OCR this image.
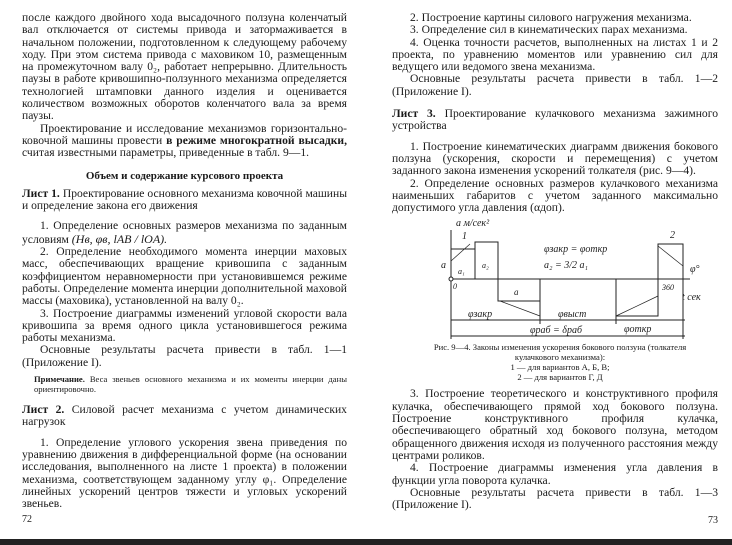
после каждого двойного хода высадочного ползуна коленчатый вал отключается от системы привода и затормаживается в начальном положении, подготовленном к следующему рабочему ходу. При этом система привода с маховиком 10, размещенным на промежуточном валу 0₂, работает непрерывно. Длительность паузы в работе кривошипно-ползунного механизма определяется технологией штамповки данного изделия и оценивается количеством возможных оборотов коленчатого вала за время паузы.

Проектирование и исследование механизмов горизонтально-ковочной машины провести в режиме многократной высадки, считая известными параметры, приведенные в табл. 9—1.

Объем и содержание курсового проекта

Лист 1. Проектирование основного механизма ковочной машины и определение закона его движения

1. Определение основных размеров механизма по заданным условиям (Hв, φв, lAB / lOA).

2. Определение необходимого момента инерции маховых масс, обеспечивающих вращение кривошипа с заданным коэффициентом неравномерности при установившемся режиме работы. Определение момента инерции дополнительной маховой массы (маховика), установленной на валу 0₂.

3. Построение диаграммы изменений угловой скорости вала кривошипа за время одного цикла установившегося режима работы механизма.

Основные результаты расчета привести в табл. 1—1 (Приложение I).

Примечание. Веса звеньев основного механизма и их моменты инерции даны ориентировочно.

Лист 2. Силовой расчет механизма с учетом динамических нагрузок

1. Определение углового ускорения звена приведения по уравнению движения в дифференциальной форме (на основании исследования, выполненного на листе 1 проекта) в положении механизма, соответствующем заданному углу φ₁. Определение линейных ускорений центров тяжести и угловых ускорений звеньев.

72

2. Построение картины силового нагружения механизма.

3. Определение сил в кинематических парах механизма.

4. Оценка точности расчетов, выполненных на листах 1 и 2 проекта, по уравнению моментов или уравнению сил для ведущего или ведомого звена механизма.

Основные результаты расчета привести в табл. 1—2 (Приложение I).

Лист 3. Проектирование кулачкового механизма зажимного устройства

1. Построение кинематических диаграмм движения бокового ползуна (ускорения, скорости и перемещения) с учетом заданного закона изменения ускорений толкателя (рис. 9—4).

2. Определение основных размеров кулачкового механизма наименьших габаритов с учетом заданного максимально допустимого угла давления (αдоп).

a м/сек²
0
1	2
a
a₁
a₂
a
φзакр = φоткр
a₂ = 3/2 a₁	φ°
360
t сек
φзакр	φвыст
φоткр
φраб = δраб
Рис. 9—4. Законы изменения ускорения бокового ползуна (толкателя кулачкового механизма):
1 — для вариантов А, Б, В;
2 — для вариантов Г, Д

3. Построение теоретического и конструктивного профиля кулачка, обеспечивающего прямой ход бокового ползуна. Построение конструктивного профиля кулачка, обеспечивающего обратный ход бокового ползуна, методом обращенного движения исходя из полученного расстояния между центрами роликов.

4. Построение диаграммы изменения угла давления в функции угла поворота кулачка.

Основные результаты расчета привести в табл. 1—3 (Приложение I).

73
